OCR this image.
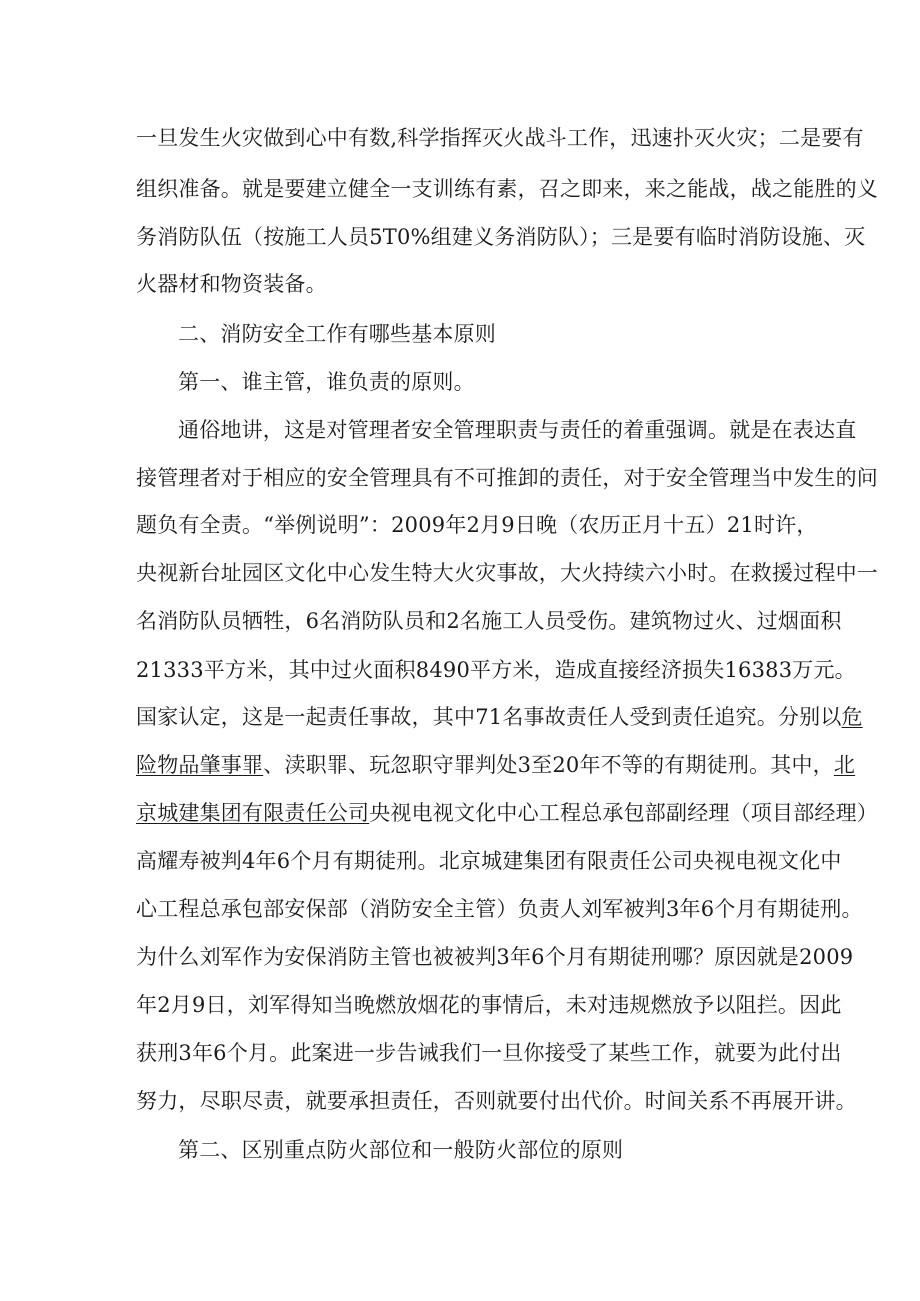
一旦发生火灾做到心中有数,科学指挥灭火战斗工作，迅速扑灭火灾；二是要有
组织准备。就是要建立健全一支训练有素，召之即来，来之能战，战之能胜的义
务消防队伍（按施工人员5T0%组建义务消防队）；三是要有临时消防设施、灭
火器材和物资装备。
二、消防安全工作有哪些基本原则
第一、谁主管，谁负责的原则。
通俗地讲，这是对管理者安全管理职责与责任的着重强调。就是在表达直
接管理者对于相应的安全管理具有不可推卸的责任，对于安全管理当中发生的问
题负有全责。“举例说明”：2009年2月9日晚（农历正月十五）21时许，
央视新台址园区文化中心发生特大火灾事故，大火持续六小时。在救援过程中一
名消防队员牺牲，6名消防队员和2名施工人员受伤。建筑物过火、过烟面积
21333平方米，其中过火面积8490平方米，造成直接经济损失16383万元。
国家认定，这是一起责任事故，其中71名事故责任人受到责任追究。分别以危
险物品肇事罪、渎职罪、玩忽职守罪判处3至20年不等的有期徒刑。其中，北
京城建集团有限责任公司央视电视文化中心工程总承包部副经理（项目部经理）
高耀寿被判4年6个月有期徒刑。北京城建集团有限责任公司央视电视文化中
心工程总承包部安保部（消防安全主管）负责人刘军被判3年6个月有期徒刑。
为什么刘军作为安保消防主管也被被判3年6个月有期徒刑哪？原因就是2009
年2月9日，刘军得知当晚燃放烟花的事情后，未对违规燃放予以阻拦。因此
获刑3年6个月。此案进一步告诫我们一旦你接受了某些工作，就要为此付出
努力，尽职尽责，就要承担责任，否则就要付出代价。时间关系不再展开讲。
第二、区别重点防火部位和一般防火部位的原则
